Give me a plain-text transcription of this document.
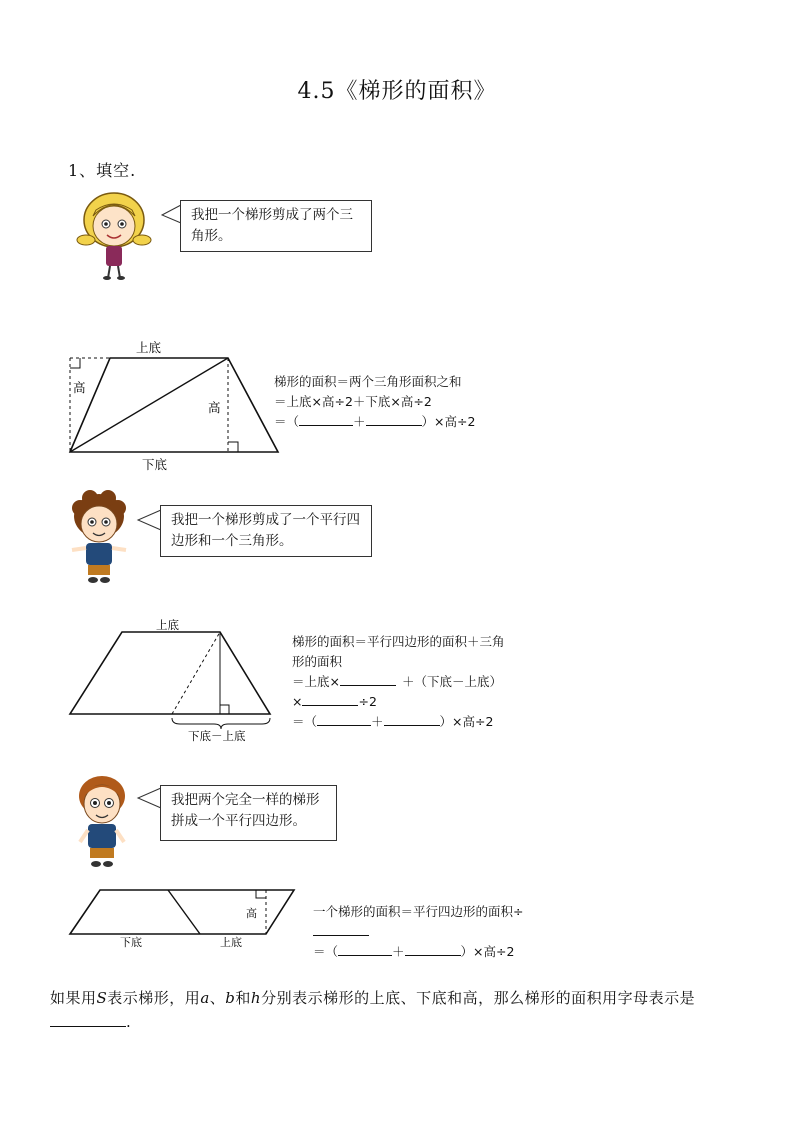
4.5《梯形的面积》
1、填空.
我把一个梯形剪成了两个三角形。
上底
下底
高
高
梯形的面积＝两个三角形面积之和
＝上底×高÷2＋下底×高÷2
＝（	＋	）×高÷2
我把一个梯形剪成了一个平行四边形和一个三角形。
上底
下底－上底
梯形的面积＝平行四边形的面积＋三角
形的面积
＝上底×	＋（下底－上底）
×	÷2
＝（	＋	）×高÷2
我把两个完全一样的梯形拼成一个平行四边形。
下底	上底
高	一个梯形的面积＝平行四边形的面积÷
＝（	＋	）×高÷2
如果用S表示梯形，用a、b和h分别表示梯形的上底、下底和高，那么梯形的面积用字母表示是.
